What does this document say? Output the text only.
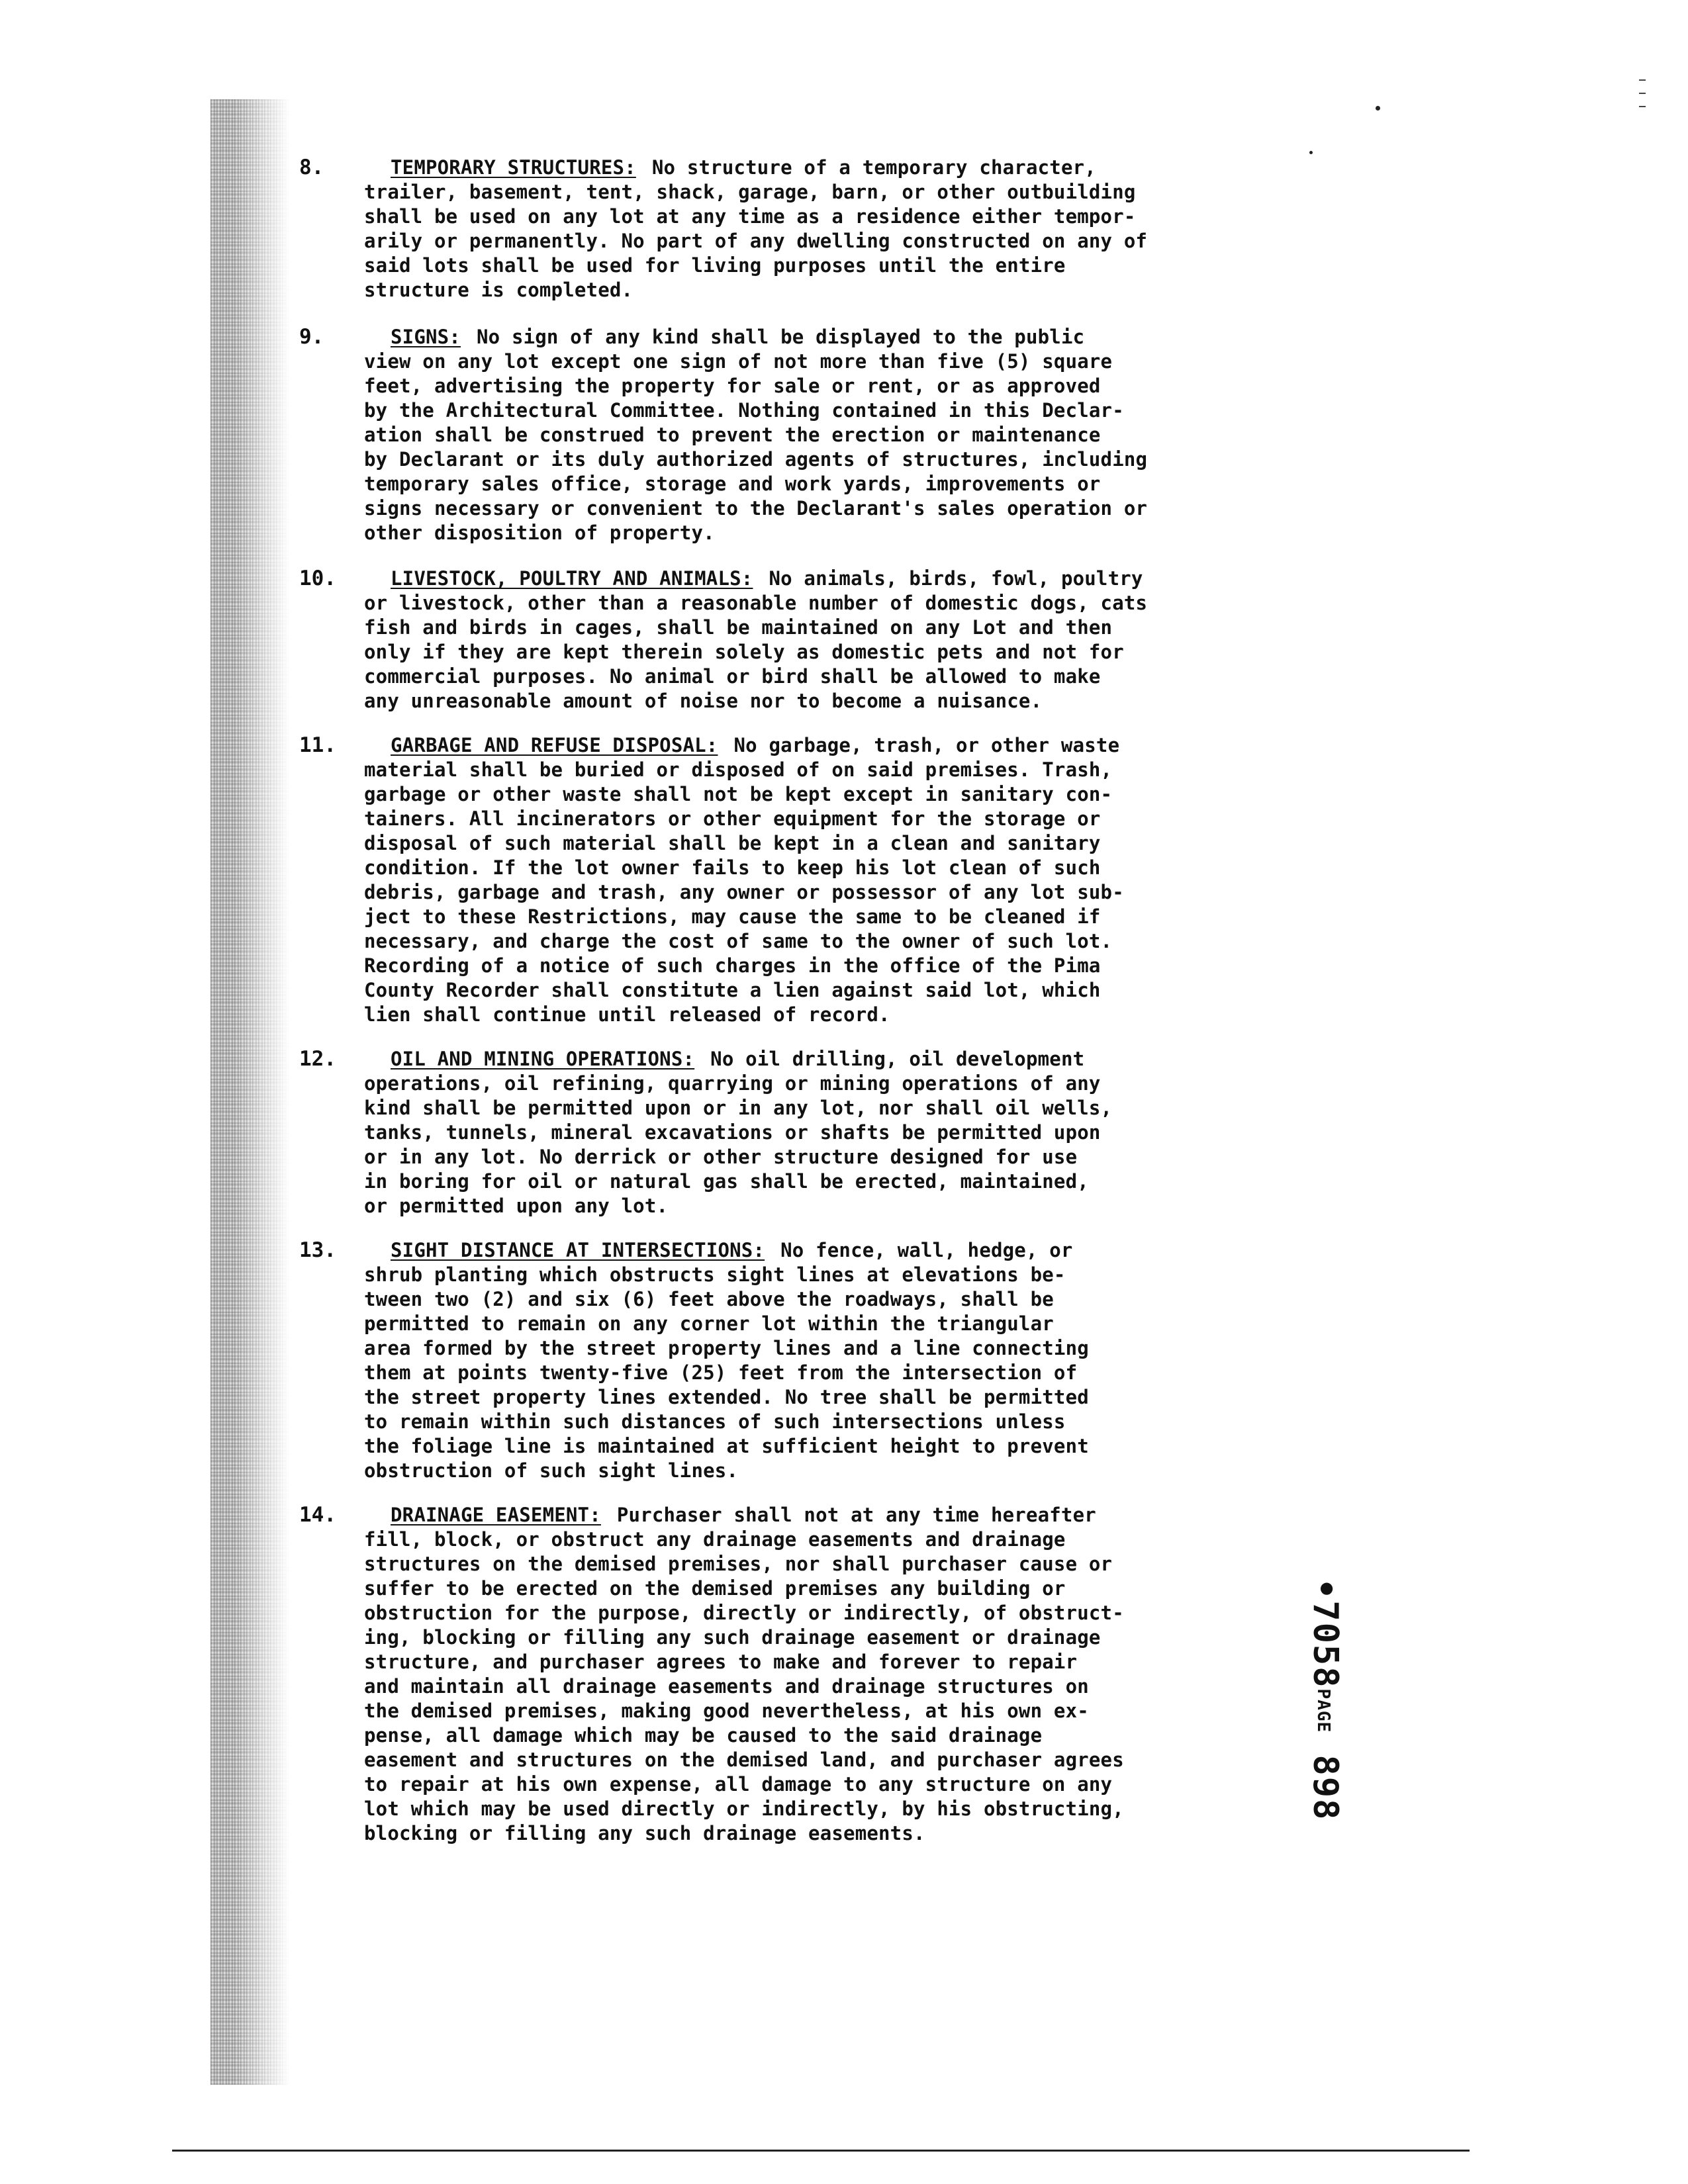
8.	TEMPORARY STRUCTURES: No structure of a temporary character,
trailer, basement, tent, shack, garage, barn, or other outbuilding
shall be used on any lot at any time as a residence either tempor-
arily or permanently. No part of any dwelling constructed on any of
said lots shall be used for living purposes until the entire
structure is completed.
9.	SIGNS: No sign of any kind shall be displayed to the public
view on any lot except one sign of not more than five (5) square
feet, advertising the property for sale or rent, or as approved
by the Architectural Committee. Nothing contained in this Declar-
ation shall be construed to prevent the erection or maintenance
by Declarant or its duly authorized agents of structures, including
temporary sales office, storage and work yards, improvements or
signs necessary or convenient to the Declarant's sales operation or
other disposition of property.
10.	LIVESTOCK, POULTRY AND ANIMALS: No animals, birds, fowl, poultry
or livestock, other than a reasonable number of domestic dogs, cats
fish and birds in cages, shall be maintained on any Lot and then
only if they are kept therein solely as domestic pets and not for
commercial purposes. No animal or bird shall be allowed to make
any unreasonable amount of noise nor to become a nuisance.
11.	GARBAGE AND REFUSE DISPOSAL: No garbage, trash, or other waste
material shall be buried or disposed of on said premises. Trash,
garbage or other waste shall not be kept except in sanitary con-
tainers. All incinerators or other equipment for the storage or
disposal of such material shall be kept in a clean and sanitary
condition. If the lot owner fails to keep his lot clean of such
debris, garbage and trash, any owner or possessor of any lot sub-
ject to these Restrictions, may cause the same to be cleaned if
necessary, and charge the cost of same to the owner of such lot.
Recording of a notice of such charges in the office of the Pima
County Recorder shall constitute a lien against said lot, which
lien shall continue until released of record.
12.	OIL AND MINING OPERATIONS: No oil drilling, oil development
operations, oil refining, quarrying or mining operations of any
kind shall be permitted upon or in any lot, nor shall oil wells,
tanks, tunnels, mineral excavations or shafts be permitted upon
or in any lot. No derrick or other structure designed for use
in boring for oil or natural gas shall be erected, maintained,
or permitted upon any lot.
13.	SIGHT DISTANCE AT INTERSECTIONS: No fence, wall, hedge, or
shrub planting which obstructs sight lines at elevations be-
tween two (2) and six (6) feet above the roadways, shall be
permitted to remain on any corner lot within the triangular
area formed by the street property lines and a line connecting
them at points twenty-five (25) feet from the intersection of
the street property lines extended. No tree shall be permitted
to remain within such distances of such intersections unless
the foliage line is maintained at sufficient height to prevent
obstruction of such sight lines.
14.	DRAINAGE EASEMENT: Purchaser shall not at any time hereafter
fill, block, or obstruct any drainage easements and drainage
structures on the demised premises, nor shall purchaser cause or
suffer to be erected on the demised premises any building or
obstruction for the purpose, directly or indirectly, of obstruct-
ing, blocking or filling any such drainage easement or drainage
structure, and purchaser agrees to make and forever to repair
and maintain all drainage easements and drainage structures on
the demised premises, making good nevertheless, at his own ex-
pense, all damage which may be caused to the said drainage
easement and structures on the demised land, and purchaser agrees
to repair at his own expense, all damage to any structure on any
lot which may be used directly or indirectly, by his obstructing,
blocking or filling any such drainage easements.
•7058PAGE 898
